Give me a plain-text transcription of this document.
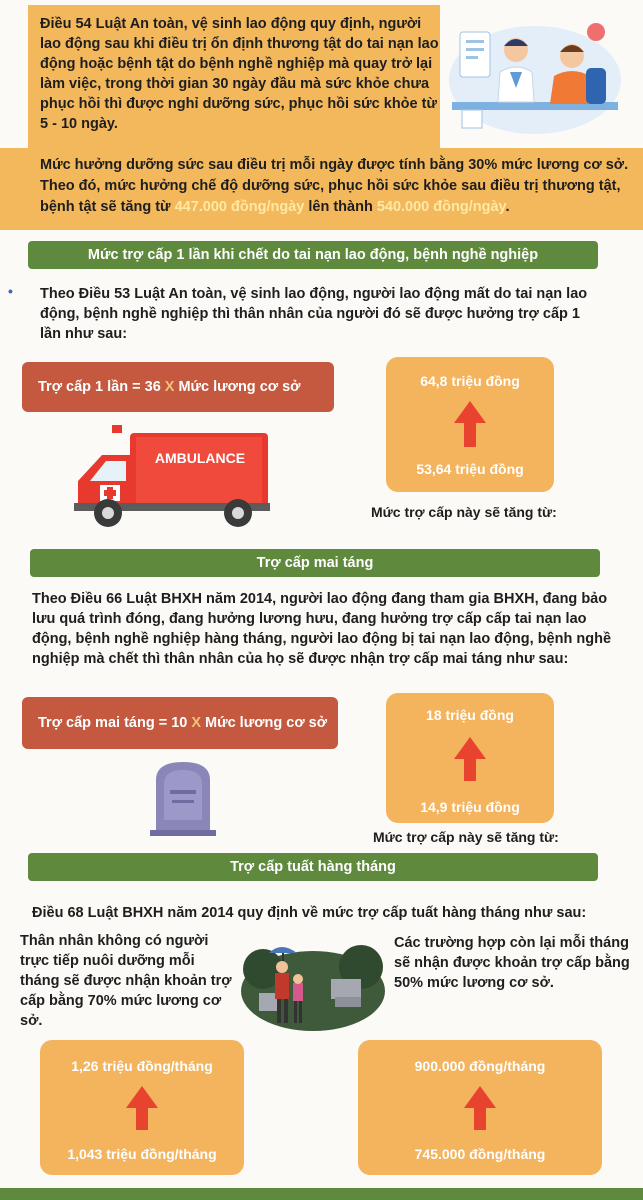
Điều 54 Luật An toàn, vệ sinh lao động quy định, người lao động sau khi điều trị ổn định thương tật do tai nạn lao động hoặc bệnh tật do bệnh nghề nghiệp mà quay trở lại làm việc, trong thời gian 30 ngày đầu mà sức khỏe chưa phục hồi thì được nghỉ dưỡng sức, phục hồi sức khỏe từ 5 - 10 ngày.
Mức hưởng dưỡng sức sau điều trị mỗi ngày được tính bằng 30% mức lương cơ sở. Theo đó, mức hưởng chế độ dưỡng sức, phục hồi sức khỏe sau điều trị thương tật, bệnh tật sẽ tăng từ 447.000 đồng/ngày lên thành 540.000 đồng/ngày.
Mức trợ cấp 1 lần khi chết do tai nạn lao động, bệnh nghề nghiệp
• Theo Điều 53 Luật An toàn, vệ sinh lao động, người lao động mất do tai nạn lao động, bệnh nghề nghiệp thì thân nhân của người đó sẽ được hưởng trợ cấp 1 lần như sau:
Trợ cấp 1 lần
= 36 X Mức lương cơ sở
AMBULANCE
64,8 triệu đồng
53,64 triệu đồng
Mức trợ cấp này sẽ tăng từ:
Trợ cấp mai táng
Theo Điều 66 Luật BHXH năm 2014, người lao động đang tham gia BHXH, đang bảo lưu quá trình đóng, đang hưởng lương hưu, đang hưởng trợ cấp cấp tai nạn lao động, bệnh nghề nghiệp hàng tháng, người lao động bị tai nạn lao động, bệnh nghề nghiệp mà chết thì thân nhân của họ sẽ được nhận trợ cấp mai táng như sau:
Trợ cấp mai táng
= 10 X Mức lương cơ sở	18 triệu đồng
14,9 triệu đồng
Mức trợ cấp này sẽ tăng từ:
Trợ cấp tuất hàng tháng
Điều 68 Luật BHXH năm 2014 quy định về mức trợ cấp tuất hàng tháng như sau:
Thân nhân không có người trực tiếp nuôi dưỡng mỗi tháng sẽ được nhận khoản trợ cấp bằng 70% mức lương cơ sở.
Các trường hợp còn lại mỗi tháng sẽ nhận được khoản trợ cấp bằng 50% mức lương cơ sở.
1,26 triệu đồng/tháng
1,043 triệu đồng/tháng
900.000 đồng/tháng
745.000 đồng/tháng
